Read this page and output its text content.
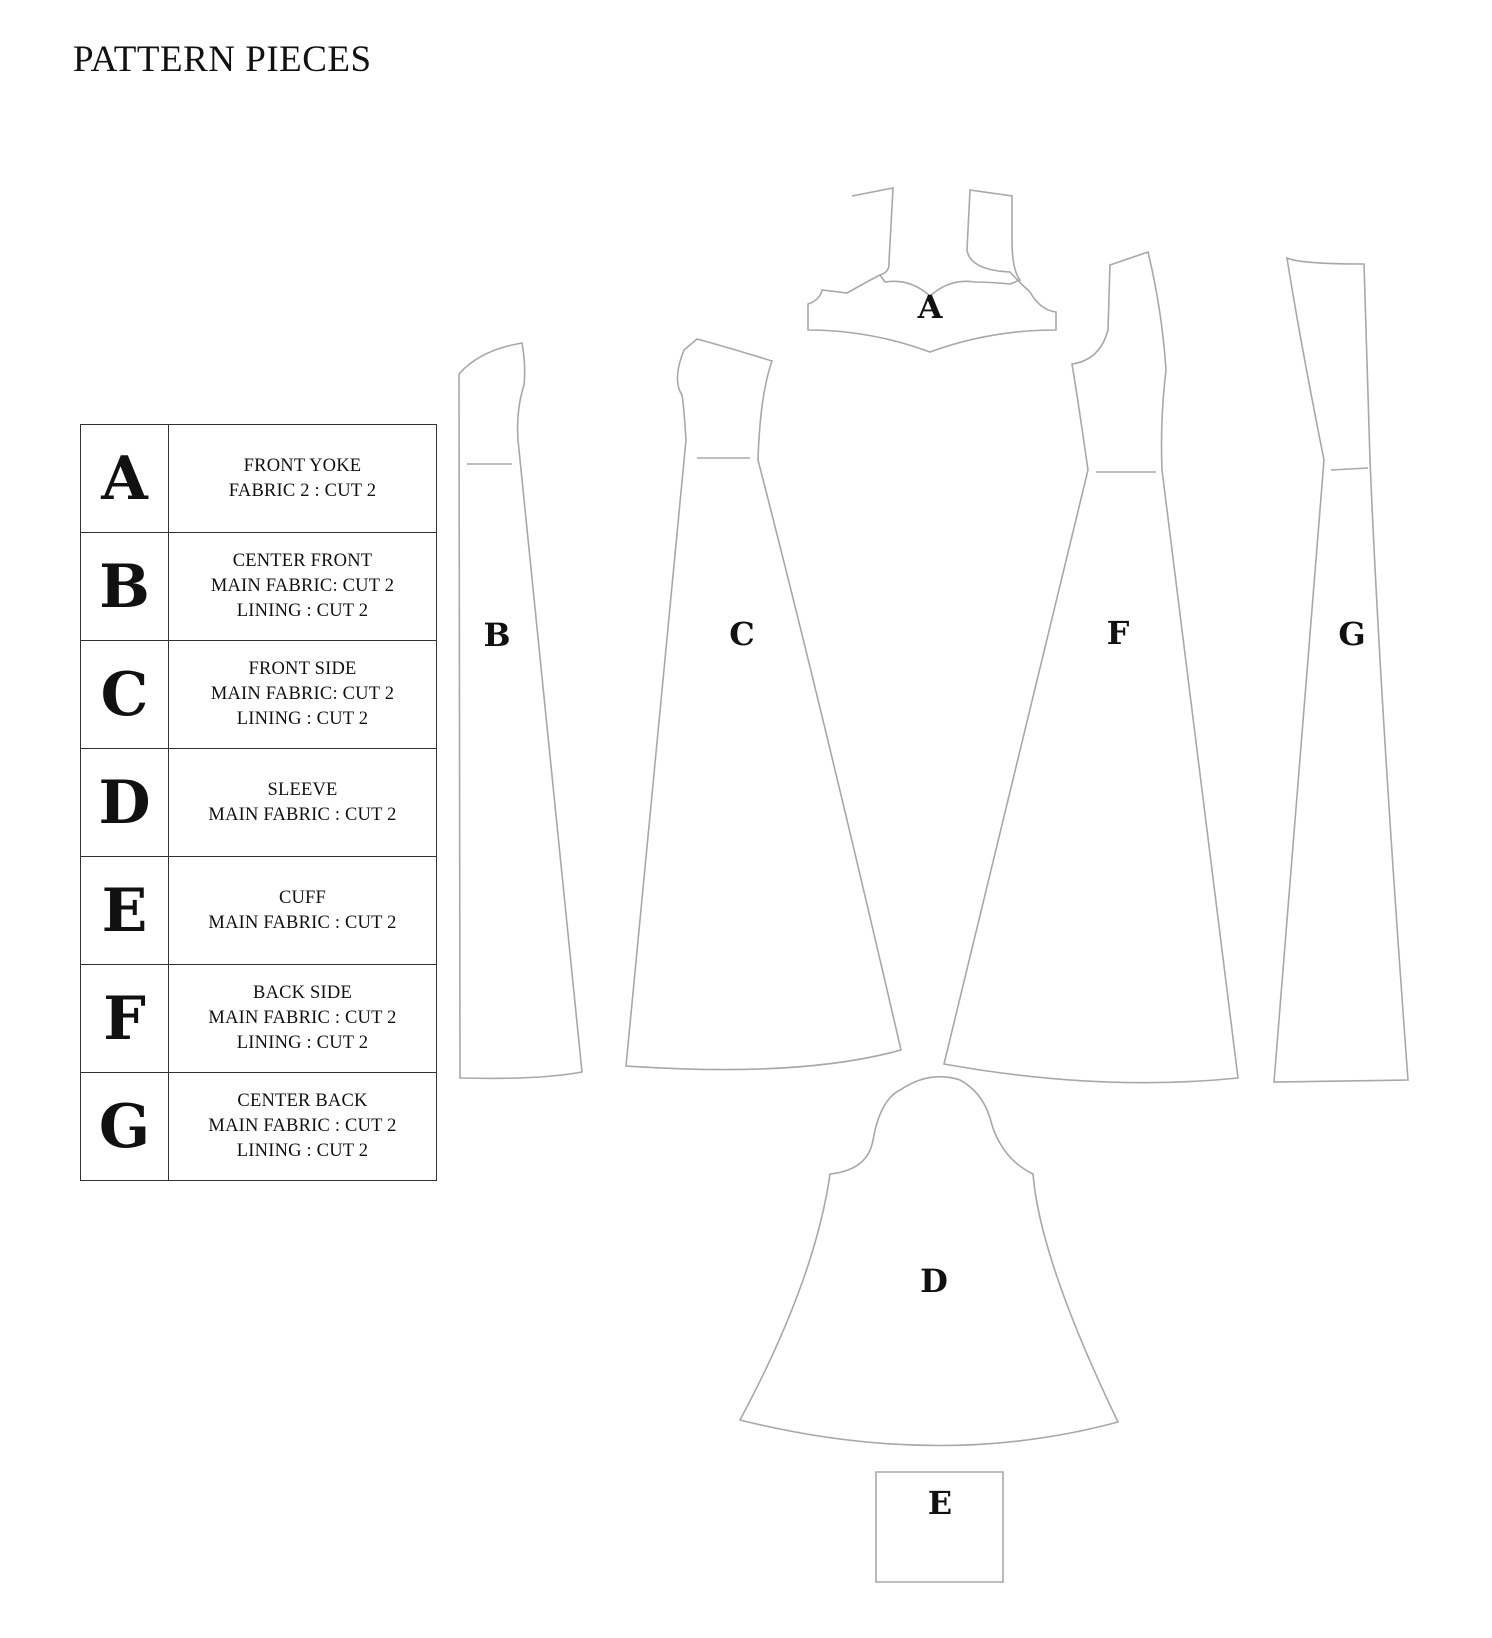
PATTERN PIECES
A
B	C	F	G
D
E
A	FRONT YOKE
FABRIC 2 : CUT 2

B	CENTER FRONT
MAIN FABRIC: CUT 2
LINING : CUT 2

C	FRONT SIDE
MAIN FABRIC: CUT 2
LINING : CUT 2

D	SLEEVE
MAIN FABRIC : CUT 2

E	CUFF
MAIN FABRIC : CUT 2

F	BACK SIDE
MAIN FABRIC : CUT 2
LINING : CUT 2

G	CENTER BACK
MAIN FABRIC : CUT 2
LINING : CUT 2
